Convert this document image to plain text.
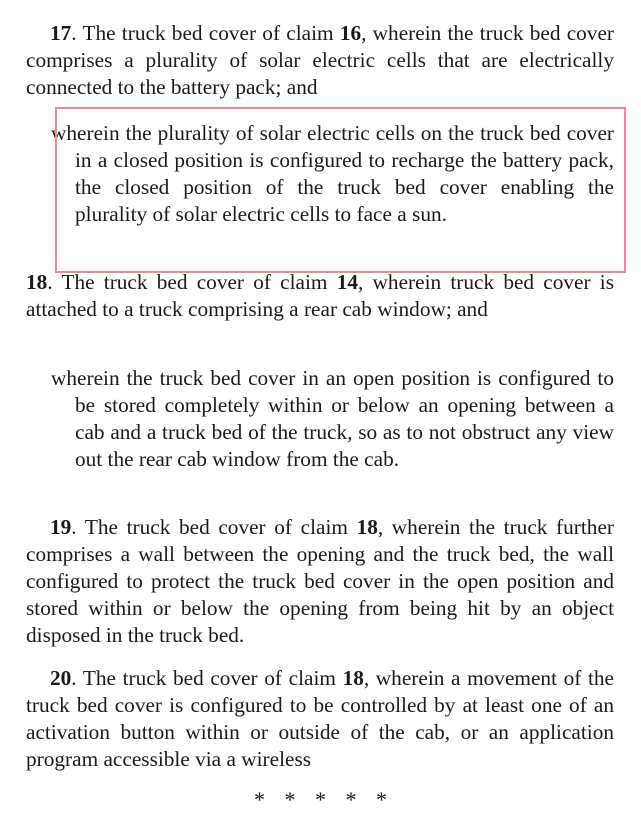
17. The truck bed cover of claim 16, wherein the truck bed cover comprises a plurality of solar electric cells that are electrically connected to the battery pack; and
wherein the plurality of solar electric cells on the truck bed cover in a closed position is configured to recharge the battery pack, the closed position of the truck bed cover enabling the plurality of solar electric cells to face a sun.
18. The truck bed cover of claim 14, wherein truck bed cover is attached to a truck comprising a rear cab window; and
wherein the truck bed cover in an open position is configured to be stored completely within or below an opening between a cab and a truck bed of the truck, so as to not obstruct any view out the rear cab window from the cab.
19. The truck bed cover of claim 18, wherein the truck further comprises a wall between the opening and the truck bed, the wall configured to protect the truck bed cover in the open position and stored within or below the opening from being hit by an object disposed in the truck bed.
20. The truck bed cover of claim 18, wherein a movement of the truck bed cover is configured to be controlled by at least one of an activation button within or outside of the cab, or an application program accessible via a wireless
* * * * *
